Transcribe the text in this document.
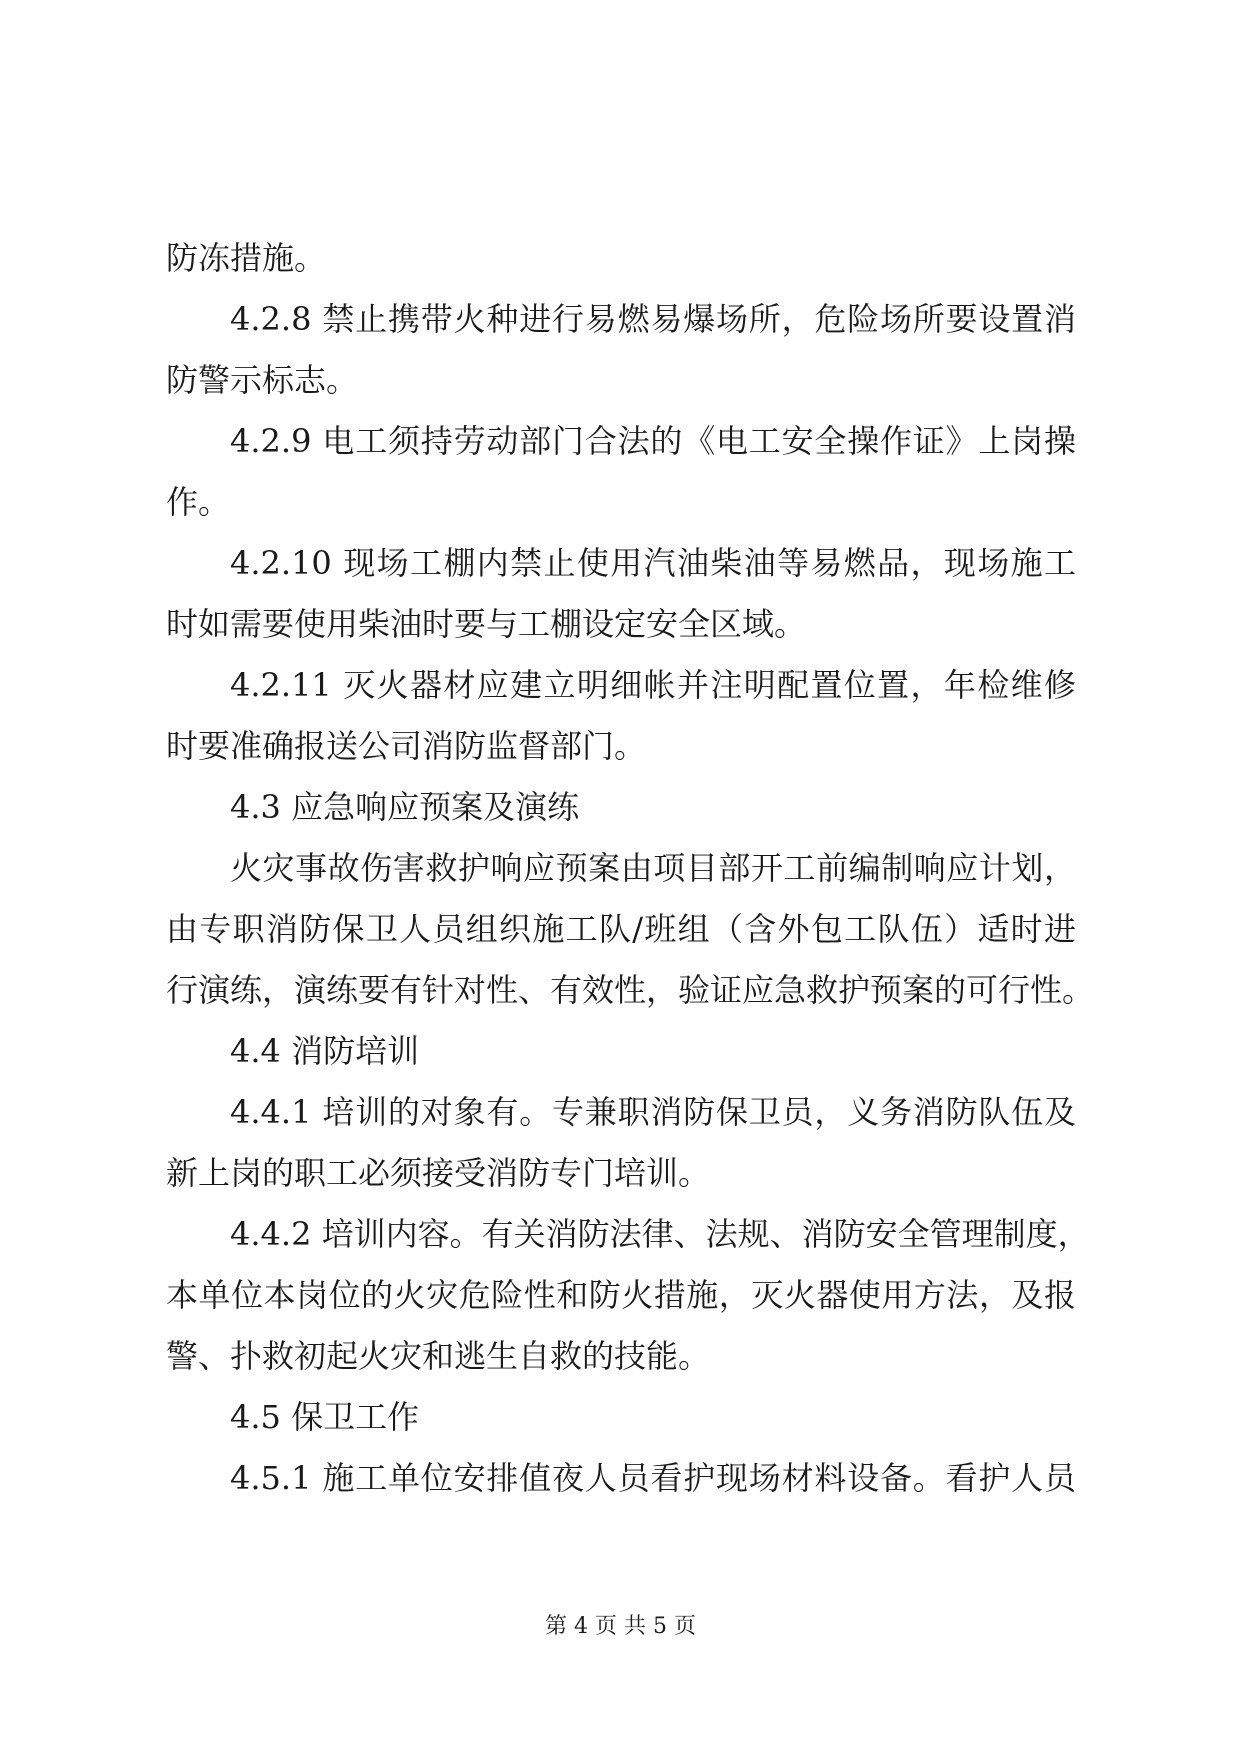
防冻措施。
4.2.8 禁止携带火种进行易燃易爆场所，危险场所要设置消
防警示标志。
4.2.9 电工须持劳动部门合法的《电工安全操作证》上岗操
作。
4.2.10 现场工棚内禁止使用汽油柴油等易燃品，现场施工
时如需要使用柴油时要与工棚设定安全区域。
4.2.11 灭火器材应建立明细帐并注明配置位置，年检维修
时要准确报送公司消防监督部门。
4.3 应急响应预案及演练
火灾事故伤害救护响应预案由项目部开工前编制响应计划，
由专职消防保卫人员组织施工队/班组（含外包工队伍）适时进
行演练，演练要有针对性、有效性，验证应急救护预案的可行性。
4.4 消防培训
4.4.1 培训的对象有。专兼职消防保卫员，义务消防队伍及
新上岗的职工必须接受消防专门培训。
4.4.2 培训内容。有关消防法律、法规、消防安全管理制度，
本单位本岗位的火灾危险性和防火措施，灭火器使用方法，及报
警、扑救初起火灾和逃生自救的技能。
4.5 保卫工作
4.5.1 施工单位安排值夜人员看护现场材料设备。看护人员
第 4 页 共 5 页
